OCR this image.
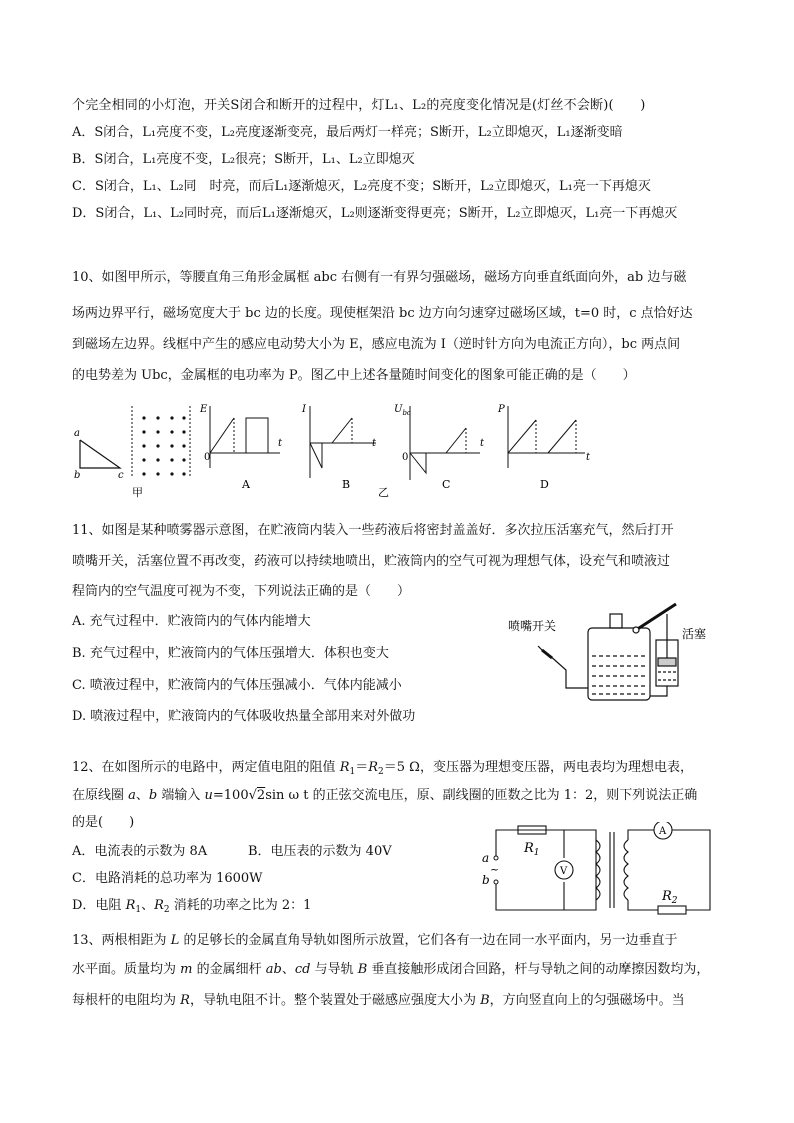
个完全相同的小灯泡，开关S闭合和断开的过程中，灯L₁、L₂的亮度变化情况是(灯丝不会断)(　　)
A．S闭合，L₁亮度不变，L₂亮度逐渐变亮，最后两灯一样亮；S断开，L₂立即熄灭，L₁逐渐变暗
B．S闭合，L₁亮度不变，L₂很亮；S断开，L₁、L₂立即熄灭
C．S闭合，L₁、L₂同　时亮，而后L₁逐渐熄灭，L₂亮度不变；S断开，L₂立即熄灭，L₁亮一下再熄灭
D．S闭合，L₁、L₂同时亮，而后L₁逐渐熄灭，L₂则逐渐变得更亮；S断开，L₂立即熄灭，L₁亮一下再熄灭
10、如图甲所示，等腰直角三角形金属框 abc 右侧有一有界匀强磁场，磁场方向垂直纸面向外，ab 边与磁
场两边界平行，磁场宽度大于 bc 边的长度。现使框架沿 bc 边方向匀速穿过磁场区域，t=0 时，c 点恰好达
到磁场左边界。线框中产生的感应电动势大小为 E，感应电流为 I（逆时针方向为电流正方向），bc 两点间
的电势差为 Ubc，金属框的电功率为 P。图乙中上述各量随时间变化的图象可能正确的是（　　）
a
b	c
甲
E
0
t
A
I
t
B
乙
$U_{bc}$
0
t
C
P
t
D
11、如图是某种喷雾器示意图，在贮液筒内装入一些药液后将密封盖盖好．多次拉压活塞充气，然后打开
喷嘴开关，活塞位置不再改变，药液可以持续地喷出，贮液筒内的空气可视为理想气体，设充气和喷液过
程筒内的空气温度可视为不变，下列说法正确的是（　　）
A. 充气过程中．贮液筒内的气体内能增大
B. 充气过程中，贮液筒内的气体压强增大．体积也变大
C. 喷液过程中，贮液筒内的气体压强减小．气体内能减小
D. 喷液过程中，贮液筒内的气体吸收热量全部用来对外做功
喷嘴开关
活塞
12、在如图所示的电路中，两定值电阻的阻值 $R_1=R_2=5$ Ω，变压器为理想变压器，两电表均为理想电表，
在原线圈 a、b 端输入 u=100√2sin ω t 的正弦交流电压，原、副线圈的匝数之比为 1：2，则下列说法正确
的是(　　)
A．电流表的示数为 8A	B．电压表的示数为 40V
C．电路消耗的总功率为 1600W
D．电阻 $R_1$、$R_2$ 消耗的功率之比为 2：1
a
b
~
$R_1$
V
A
$R_2$
13、两根相距为 L 的足够长的金属直角导轨如图所示放置，它们各有一边在同一水平面内，另一边垂直于
水平面。质量均为 m 的金属细杆 ab、cd 与导轨 B 垂直接触形成闭合回路，杆与导轨之间的动摩擦因数均为，
每根杆的电阻均为 R，导轨电阻不计。整个装置处于磁感应强度大小为 B，方向竖直向上的匀强磁场中。当
